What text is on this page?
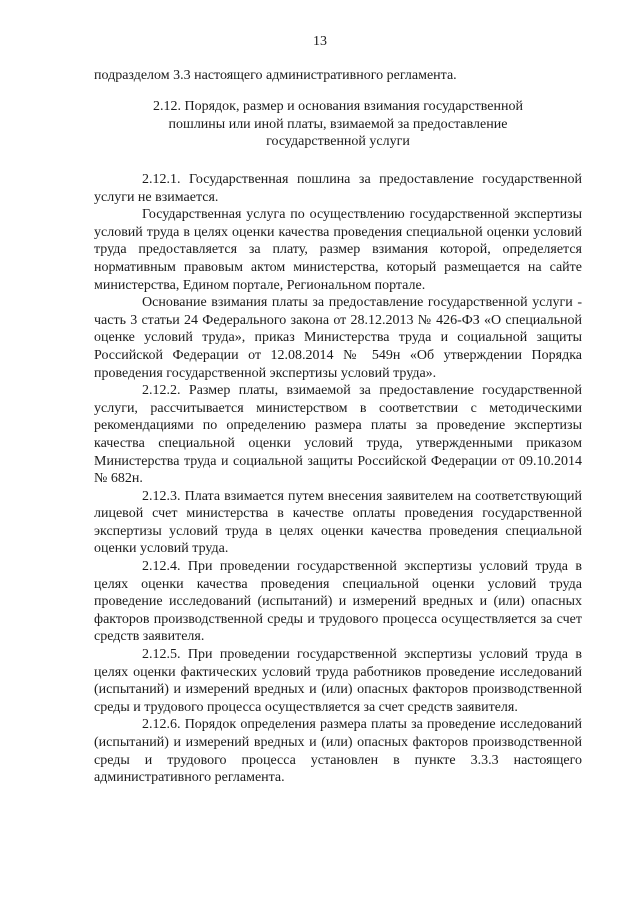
13

подразделом 3.3 настоящего административного регламента.

2.12. Порядок, размер и основания взимания государственной
пошлины или иной платы, взимаемой за предоставление
государственной услуги

2.12.1. Государственная пошлина за предоставление государственной услуги не взимается.

Государственная услуга по осуществлению государственной экспертизы условий труда в целях оценки качества проведения специальной оценки условий труда предоставляется за плату, размер взимания которой, определяется нормативным правовым актом министерства, который размещается на сайте министерства, Едином портале, Региональном портале.

Основание взимания платы за предоставление государственной услуги - часть 3 статьи 24 Федерального закона от 28.12.2013 № 426-ФЗ «О специальной оценке условий труда», приказ Министерства труда и социальной защиты Российской Федерации от 12.08.2014 № 549н «Об утверждении Порядка проведения государственной экспертизы условий труда».

2.12.2. Размер платы, взимаемой за предоставление государственной услуги, рассчитывается министерством в соответствии с методическими рекомендациями по определению размера платы за проведение экспертизы качества специальной оценки условий труда, утвержденными приказом Министерства труда и социальной защиты Российской Федерации от 09.10.2014 № 682н.

2.12.3. Плата взимается путем внесения заявителем на соответствующий лицевой счет министерства в качестве оплаты проведения государственной экспертизы условий труда в целях оценки качества проведения специальной оценки условий труда.

2.12.4. При проведении государственной экспертизы условий труда в целях оценки качества проведения специальной оценки условий труда проведение исследований (испытаний) и измерений вредных и (или) опасных факторов производственной среды и трудового процесса осуществляется за счет средств заявителя.

2.12.5. При проведении государственной экспертизы условий труда в целях оценки фактических условий труда работников проведение исследований (испытаний) и измерений вредных и (или) опасных факторов производственной среды и трудового процесса осуществляется за счет средств заявителя.

2.12.6. Порядок определения размера платы за проведение исследований (испытаний) и измерений вредных и (или) опасных факторов производственной среды и трудового процесса установлен в пункте 3.3.3 настоящего административного регламента.
